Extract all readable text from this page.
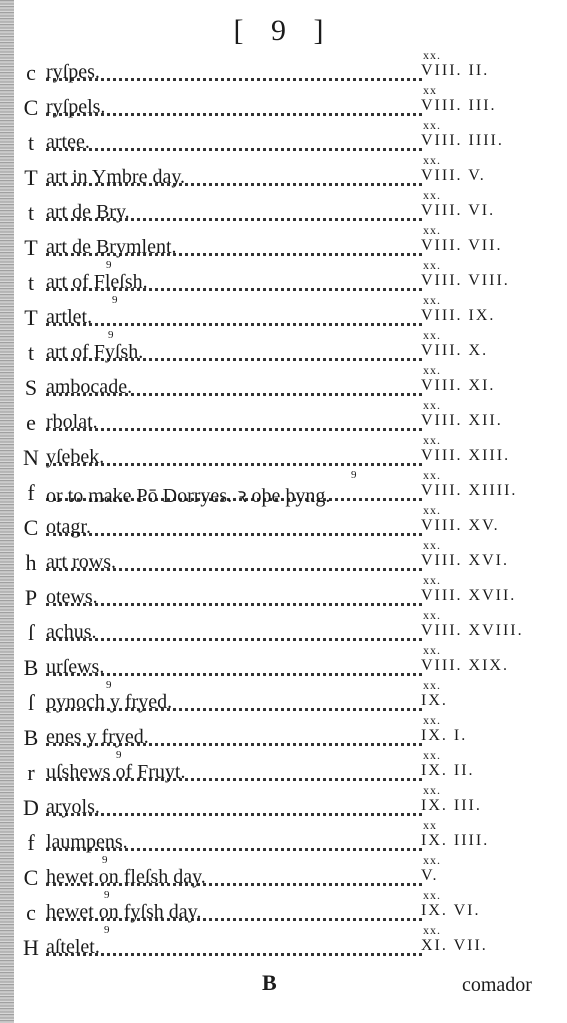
[ 9 ]
c ryſpes.
xx.
VIII. II.
C ryſpels.
xx
VIII. III.
t artee.
xx.
VIII. IIII.
T art in Ymbre day.
xx.
VIII. V.
t art de Bry.
xx.
VIII. VI.
T art de Brymlent.
xx.
VIII. VII.
t art of Fleſsh.
xx.
VIII. VIII.
9
T artlet.
xx.
VIII. IX.
9
t art of Fyſsh.
xx.
VIII. X.
9
S ambocade.
xx.
VIII. XI.
e rbolat.
xx.
VIII. XII.
N yſebek.
xx.
VIII. XIII.
f or to make Pō Dorryes. ꝛ oþe þyng.
xx.
VIII. XIIII.
9
C otagr.
xx.
VIII. XV.
h art rows.
xx.
VIII. XVI.
P otews.
xx.
VIII. XVII.
ſ achus.
xx.
VIII. XVIII.
B urſews.
xx.
VIII. XIX.
ſ pynoch y fryed.
xx.
IX.
9
B enes y fryed.
xx.
IX. I.
r uſshews of Fruyt.
xx.
IX. II.
9
D aryols.
xx.
IX. III.
f laumpens.
xx
IX. IIII.
C hewet on fleſsh day.
xx.
V.
9
c hewet on fyſsh day.
xx.
IX. VI.
9
H aſtelet.
xx.
XI. VII.
9
B	comador
